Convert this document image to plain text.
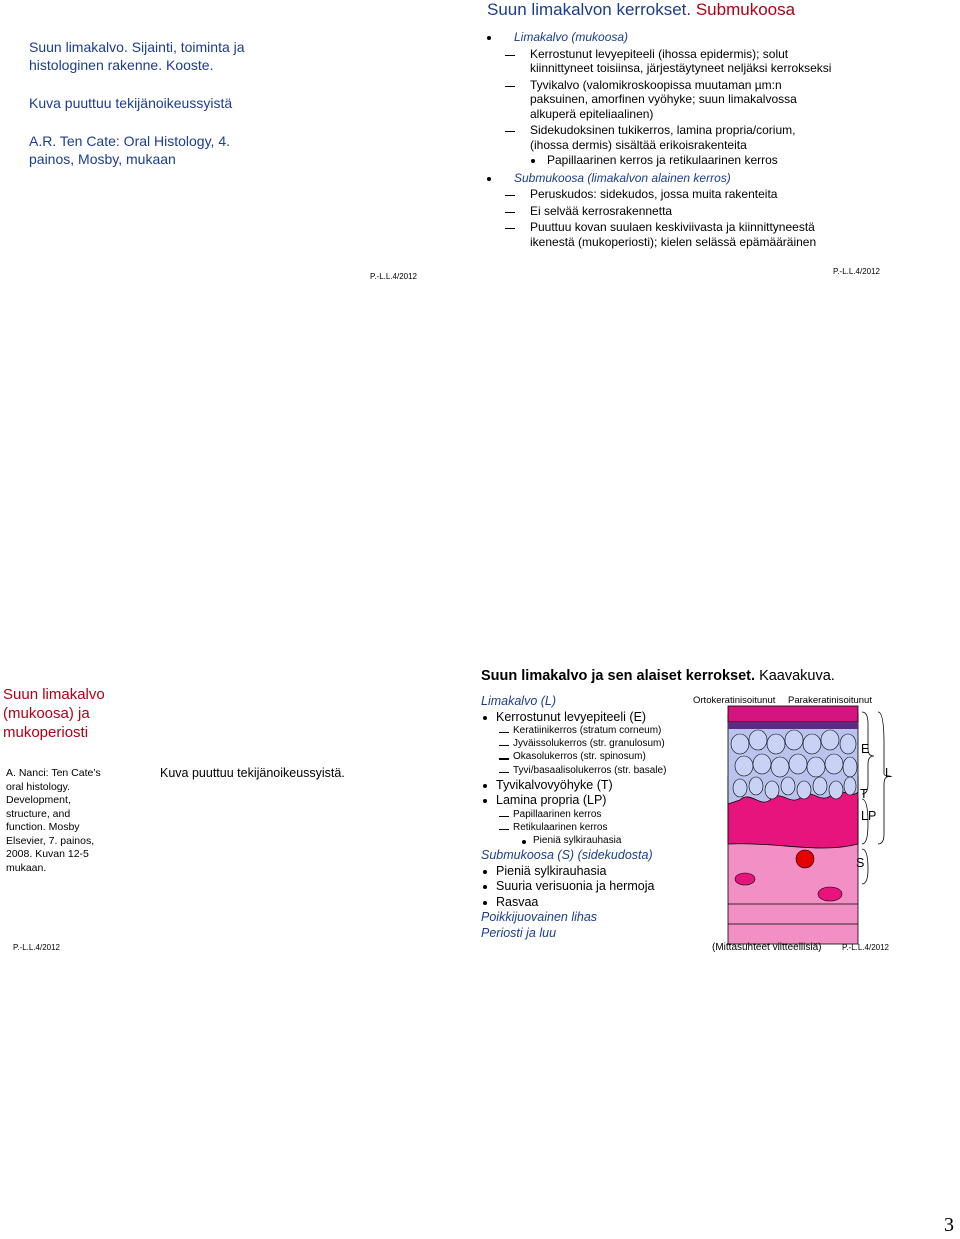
Suun limakalvo. Sijainti, toiminta ja

histologinen rakenne. Kooste.

Kuva puuttuu tekijänoikeussyistä

A.R. Ten Cate: Oral Histology, 4.

painos, Mosby, mukaan

P.-L.L.4/2012
Suun limakalvon kerrokset. Submukoosa
Limakalvo (mukoosa)
Kerrostunut levyepiteeli (ihossa epidermis); solut
kiinnittyneet toisiinsa, järjestäytyneet neljäksi kerrokseksi
Tyvikalvo (valomikroskoopissa muutaman µm:n
paksuinen, amorfinen vyöhyke; suun limakalvossa
alkuperä epiteliaalinen)
Sidekudoksinen tukikerros, lamina propria/corium,
(ihossa dermis) sisältää erikoisrakenteita
Papillaarinen kerros ja retikulaarinen kerros
Submukoosa (limakalvon alainen kerros)
Peruskudos: sidekudos, jossa muita rakenteita
Ei selvää kerrosrakennetta
Puuttuu kovan suulaen keskiviivasta ja kiinnittyneestä
ikenestä (mukoperiosti); kielen selässä epämääräinen
P.-L.L.4/2012
Suun limakalvo
(mukoosa) ja
mukoperiosti
A. Nanci: Ten Cate’s
oral histology.
Development,
structure, and
function. Mosby
Elsevier, 7. painos,
2008. Kuvan 12-5
mukaan.
Kuva puuttuu tekijänoikeussyistä.
P.-L.L.4/2012
Suun limakalvo ja sen alaiset kerrokset. Kaavakuva.
Limakalvo (L)
Kerrostunut levyepiteeli (E)
Keratiinikerros (stratum corneum)
Jyväissolukerros (str. granulosum)
Okasolukerros (str. spinosum)
Tyvi/basaalisolukerros (str. basale)
Tyvikalvovyöhyke (T)
Lamina propria (LP)
Papillaarinen kerros
Retikulaarinen kerros
Pieniä sylkirauhasia
Submukoosa (S) (sidekudosta)
Pieniä sylkirauhasia
Suuria verisuonia ja hermoja
Rasvaa
Poikkijuovainen lihas
Periosti ja luu
Ortokeratinisoitunut Parakeratinisoitunut
E
L
T
LP
S
(Mittasuhteet viitteellisiä)	P.-L.L.4/2012
3
